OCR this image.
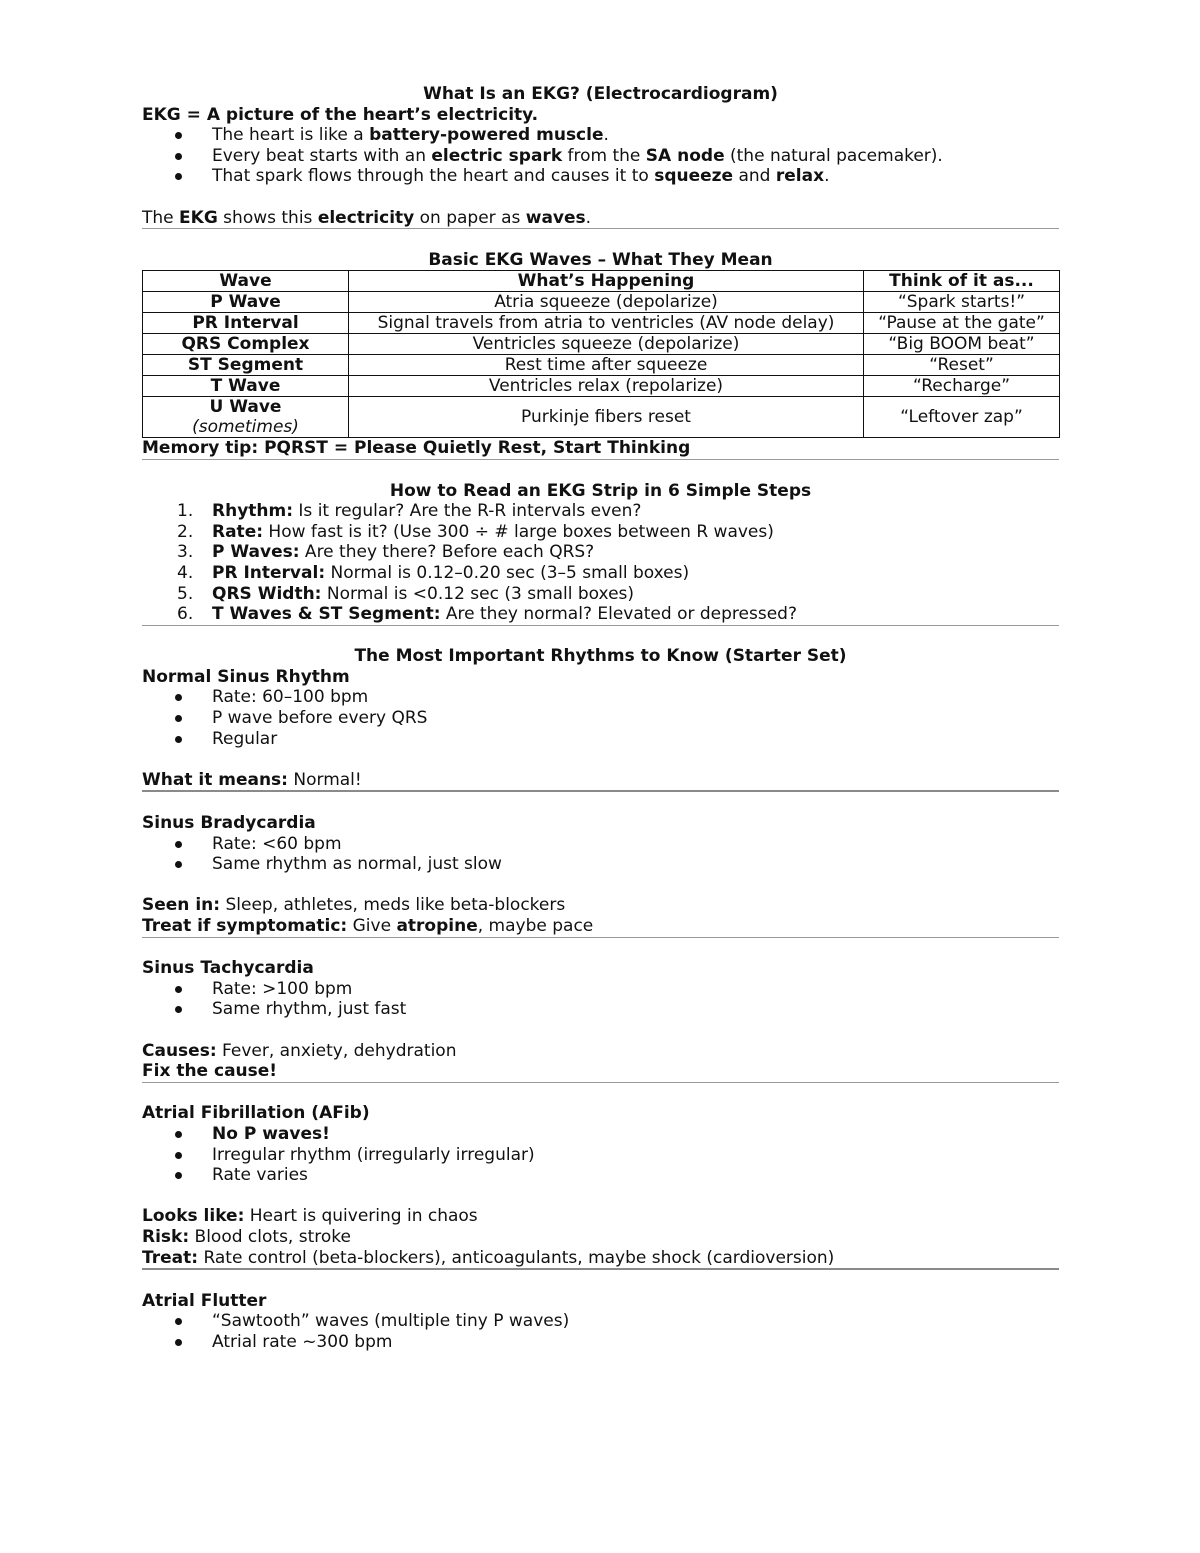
What Is an EKG? (Electrocardiogram)
EKG = A picture of the heart’s electricity.
The heart is like a battery-powered muscle.
Every beat starts with an electric spark from the SA node (the natural pacemaker).
That spark flows through the heart and causes it to squeeze and relax.
The EKG shows this electricity on paper as waves.
Basic EKG Waves – What They Mean
Wave	What’s Happening	Think of it as...
P Wave	Atria squeeze (depolarize)	“Spark starts!”
PR Interval	Signal travels from atria to ventricles (AV node delay)	“Pause at the gate”
QRS Complex	Ventricles squeeze (depolarize)	“Big BOOM beat”
ST Segment	Rest time after squeeze	“Reset”
T Wave	Ventricles relax (repolarize)	“Recharge”

U Wave
(sometimes)	Purkinje fibers reset	“Leftover zap”
Memory tip: PQRST = Please Quietly Rest, Start Thinking
How to Read an EKG Strip in 6 Simple Steps
1. Rhythm: Is it regular? Are the R-R intervals even?
2. Rate: How fast is it? (Use 300 ÷ # large boxes between R waves)
3. P Waves: Are they there? Before each QRS?
4. PR Interval: Normal is 0.12–0.20 sec (3–5 small boxes)
5. QRS Width: Normal is <0.12 sec (3 small boxes)
6. T Waves & ST Segment: Are they normal? Elevated or depressed?
The Most Important Rhythms to Know (Starter Set)
Normal Sinus Rhythm
Rate: 60–100 bpm
P wave before every QRS
Regular
What it means: Normal!
Sinus Bradycardia
Rate: <60 bpm
Same rhythm as normal, just slow
Seen in: Sleep, athletes, meds like beta-blockers
Treat if symptomatic: Give atropine, maybe pace
Sinus Tachycardia
Rate: >100 bpm
Same rhythm, just fast
Causes: Fever, anxiety, dehydration
Fix the cause!
Atrial Fibrillation (AFib)
No P waves!
Irregular rhythm (irregularly irregular)
Rate varies
Looks like: Heart is quivering in chaos
Risk: Blood clots, stroke
Treat: Rate control (beta-blockers), anticoagulants, maybe shock (cardioversion)
Atrial Flutter
“Sawtooth” waves (multiple tiny P waves)
Atrial rate ~300 bpm
